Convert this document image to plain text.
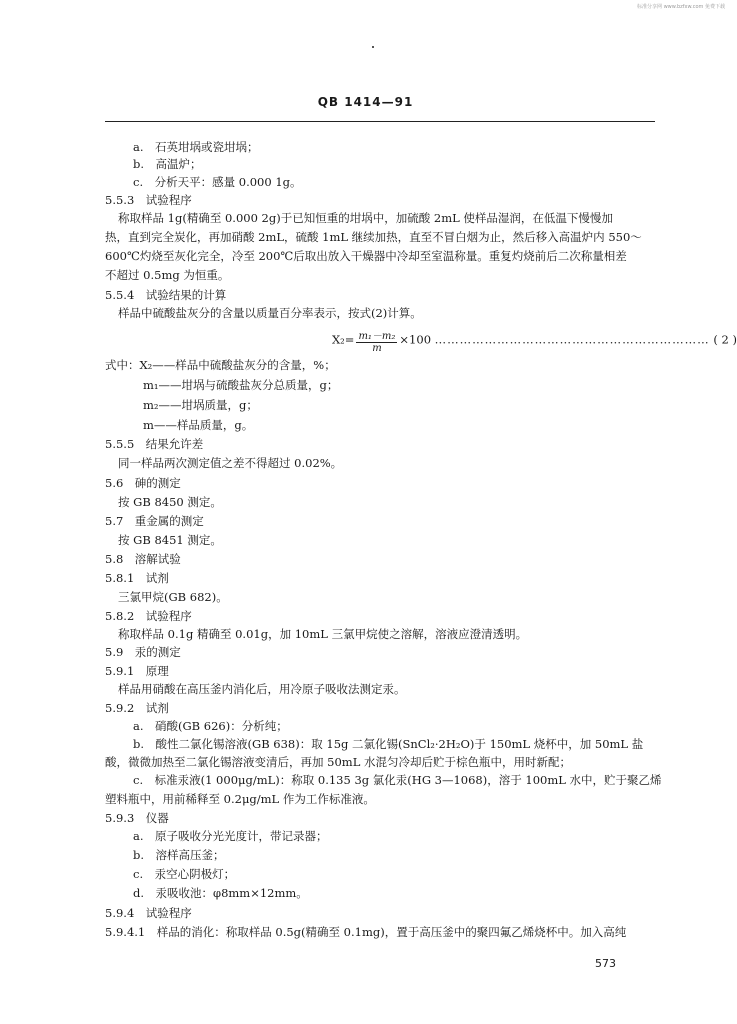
标准分享网 www.bzfxw.com 免费下载
QB 1414—91
a.　石英坩埚或瓷坩埚；
b.　高温炉；
c.　分析天平：感量 0.000 1g。
5.5.3　试验程序
称取样品 1g(精确至 0.000 2g)于已知恒重的坩埚中，加硫酸 2mL 使样品湿润，在低温下慢慢加
热，直到完全炭化，再加硝酸 2mL，硫酸 1mL 继续加热，直至不冒白烟为止，然后移入高温炉内 550～
600℃灼烧至灰化完全，冷至 200℃后取出放入干燥器中冷却至室温称量。重复灼烧前后二次称量相差
不超过 0.5mg 为恒重。
5.5.4　试验结果的计算
样品中硫酸盐灰分的含量以质量百分率表示，按式(2)计算。
$X_2= \frac{\text{m₁－m₂}}{m} \times 100$ ………………………………………………………… ( 2 )
式中：X₂——样品中硫酸盐灰分的含量，%；
m₁——坩埚与硫酸盐灰分总质量，g；
m₂——坩埚质量，g；
m——样品质量，g。
5.5.5　结果允许差
同一样品两次测定值之差不得超过 0.02%。
5.6　砷的测定
按 GB 8450 测定。
5.7　重金属的测定
按 GB 8451 测定。
5.8　溶解试验
5.8.1　试剂
三氯甲烷(GB 682)。
5.8.2　试验程序
称取样品 0.1g 精确至 0.01g，加 10mL 三氯甲烷使之溶解，溶液应澄清透明。
5.9　汞的测定
5.9.1　原理
样品用硝酸在高压釜内消化后，用冷原子吸收法测定汞。
5.9.2　试剂
a.　硝酸(GB 626)：分析纯；
b.　酸性二氯化锡溶液(GB 638)：取 15g 二氯化锡(SnCl₂·2H₂O)于 150mL 烧杯中，加 50mL 盐
酸，微微加热至二氯化锡溶液变清后，再加 50mL 水混匀冷却后贮于棕色瓶中，用时新配；
c.　标准汞液(1 000μg/mL)：称取 0.135 3g 氯化汞(HG 3—1068)，溶于 100mL 水中，贮于聚乙烯
塑料瓶中，用前稀释至 0.2μg/mL 作为工作标准液。
5.9.3　仪器
a.　原子吸收分光光度计，带记录器；
b.　溶样高压釜；
c.　汞空心阴极灯；
d.　汞吸收池：φ8mm×12mm。
5.9.4　试验程序
5.9.4.1　样品的消化：称取样品 0.5g(精确至 0.1mg)，置于高压釜中的聚四氟乙烯烧杯中。加入高纯
573
